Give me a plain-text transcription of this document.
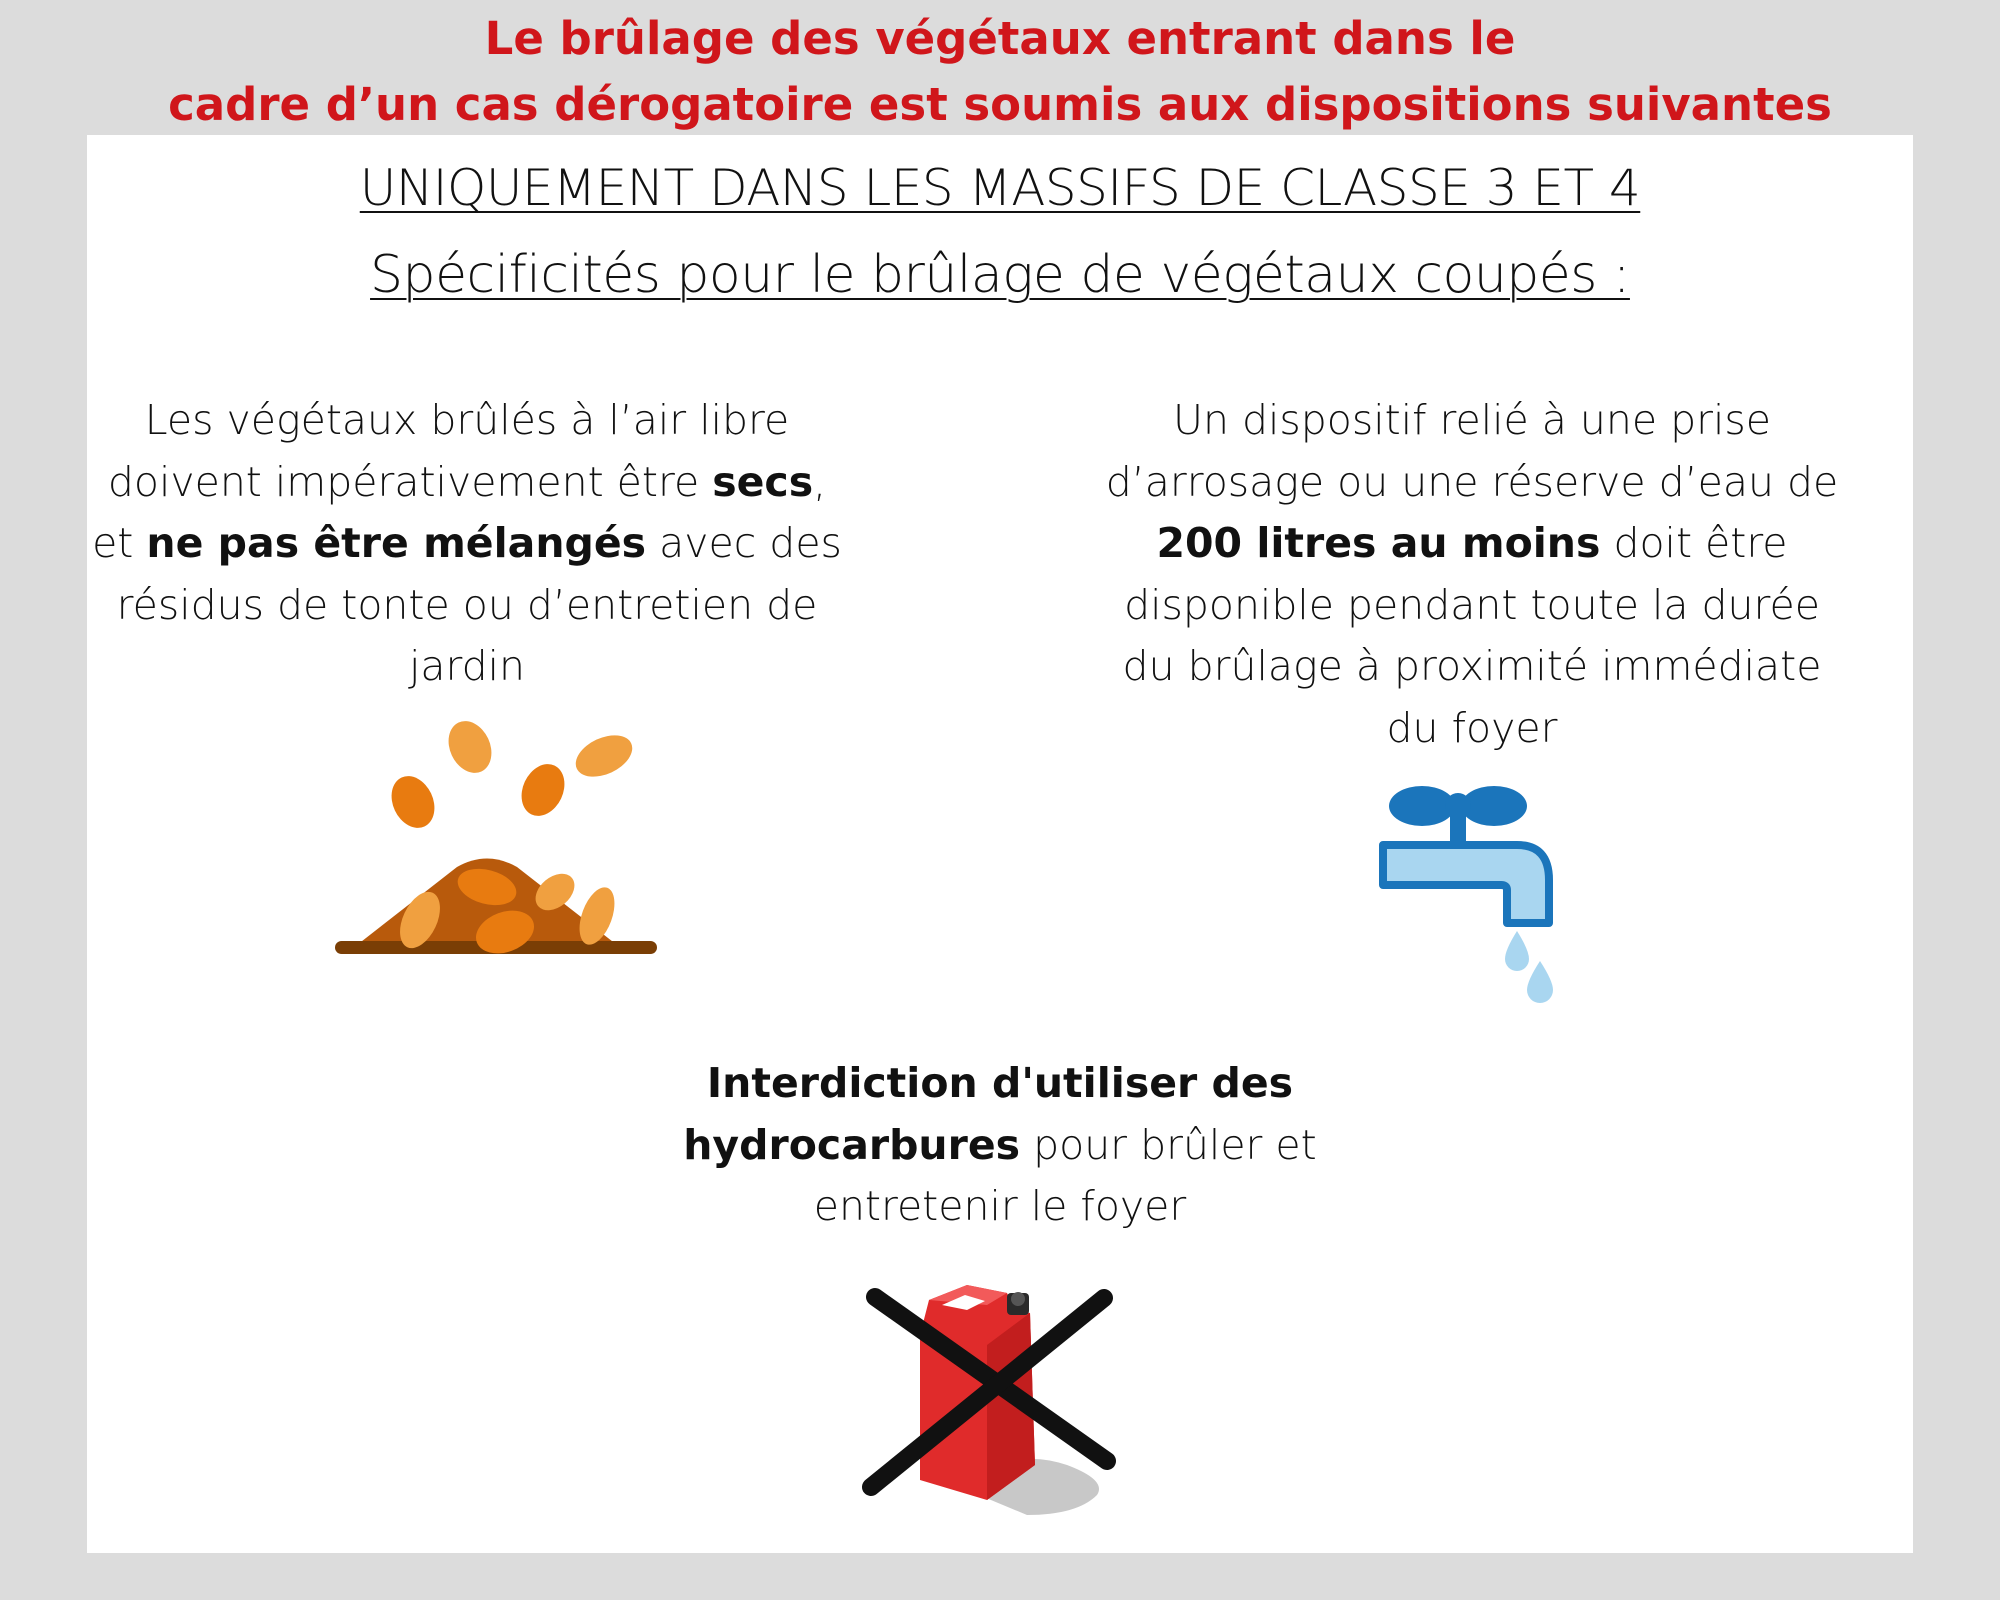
Le brûlage des végétaux entrant dans le
cadre d’un cas dérogatoire est soumis aux dispositions suivantes
UNIQUEMENT DANS LES MASSIFS DE CLASSE 3 ET 4
Spécificités pour le brûlage de végétaux coupés :
Les végétaux brûlés à l’air libre doivent impérativement être secs, et ne pas être mélangés avec des résidus de tonte ou d’entretien de jardin
Un dispositif relié à une prise d’arrosage ou une réserve d’eau de 200 litres au moins doit être disponible pendant toute la durée du brûlage à proximité immédiate du foyer
Interdiction d'utiliser des hydrocarbures pour brûler et entretenir le foyer
